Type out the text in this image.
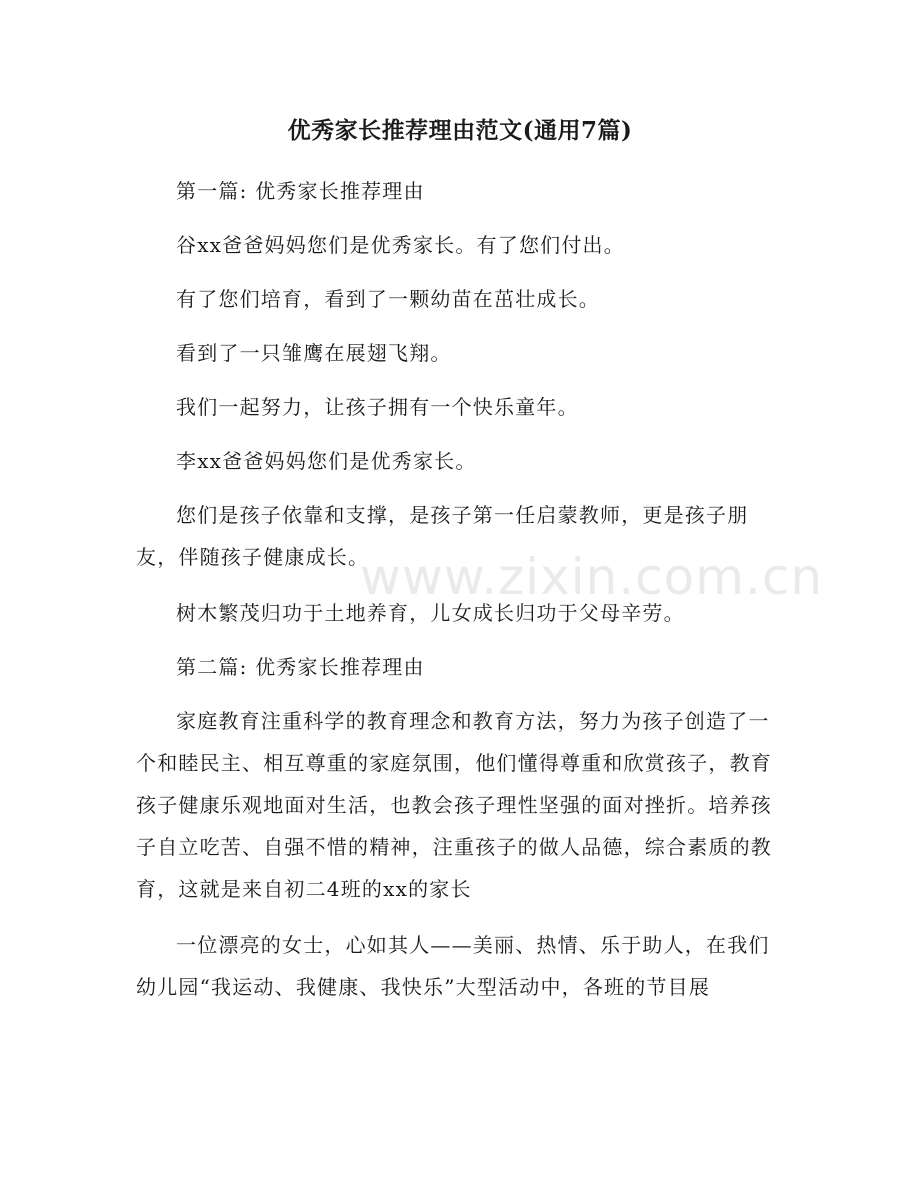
www.zixin.com.cn
优秀家长推荐理由范文(通用7篇)

第一篇: 优秀家长推荐理由

谷xx爸爸妈妈您们是优秀家长。有了您们付出。

有了您们培育，看到了一颗幼苗在茁壮成长。

看到了一只雏鹰在展翅飞翔。

我们一起努力，让孩子拥有一个快乐童年。

李xx爸爸妈妈您们是优秀家长。

您们是孩子依靠和支撑，是孩子第一任启蒙教师，更是孩子朋友，伴随孩子健康成长。

树木繁茂归功于土地养育，儿女成长归功于父母辛劳。

第二篇: 优秀家长推荐理由

家庭教育注重科学的教育理念和教育方法，努力为孩子创造了一个和睦民主、相互尊重的家庭氛围，他们懂得尊重和欣赏孩子，教育孩子健康乐观地面对生活，也教会孩子理性坚强的面对挫折。培养孩子自立吃苦、自强不惜的精神，注重孩子的做人品德，综合素质的教育，这就是来自初二4班的xx的家长

一位漂亮的女士，心如其人——美丽、热情、乐于助人，在我们幼儿园“我运动、我健康、我快乐”大型活动中，各班的节目展
